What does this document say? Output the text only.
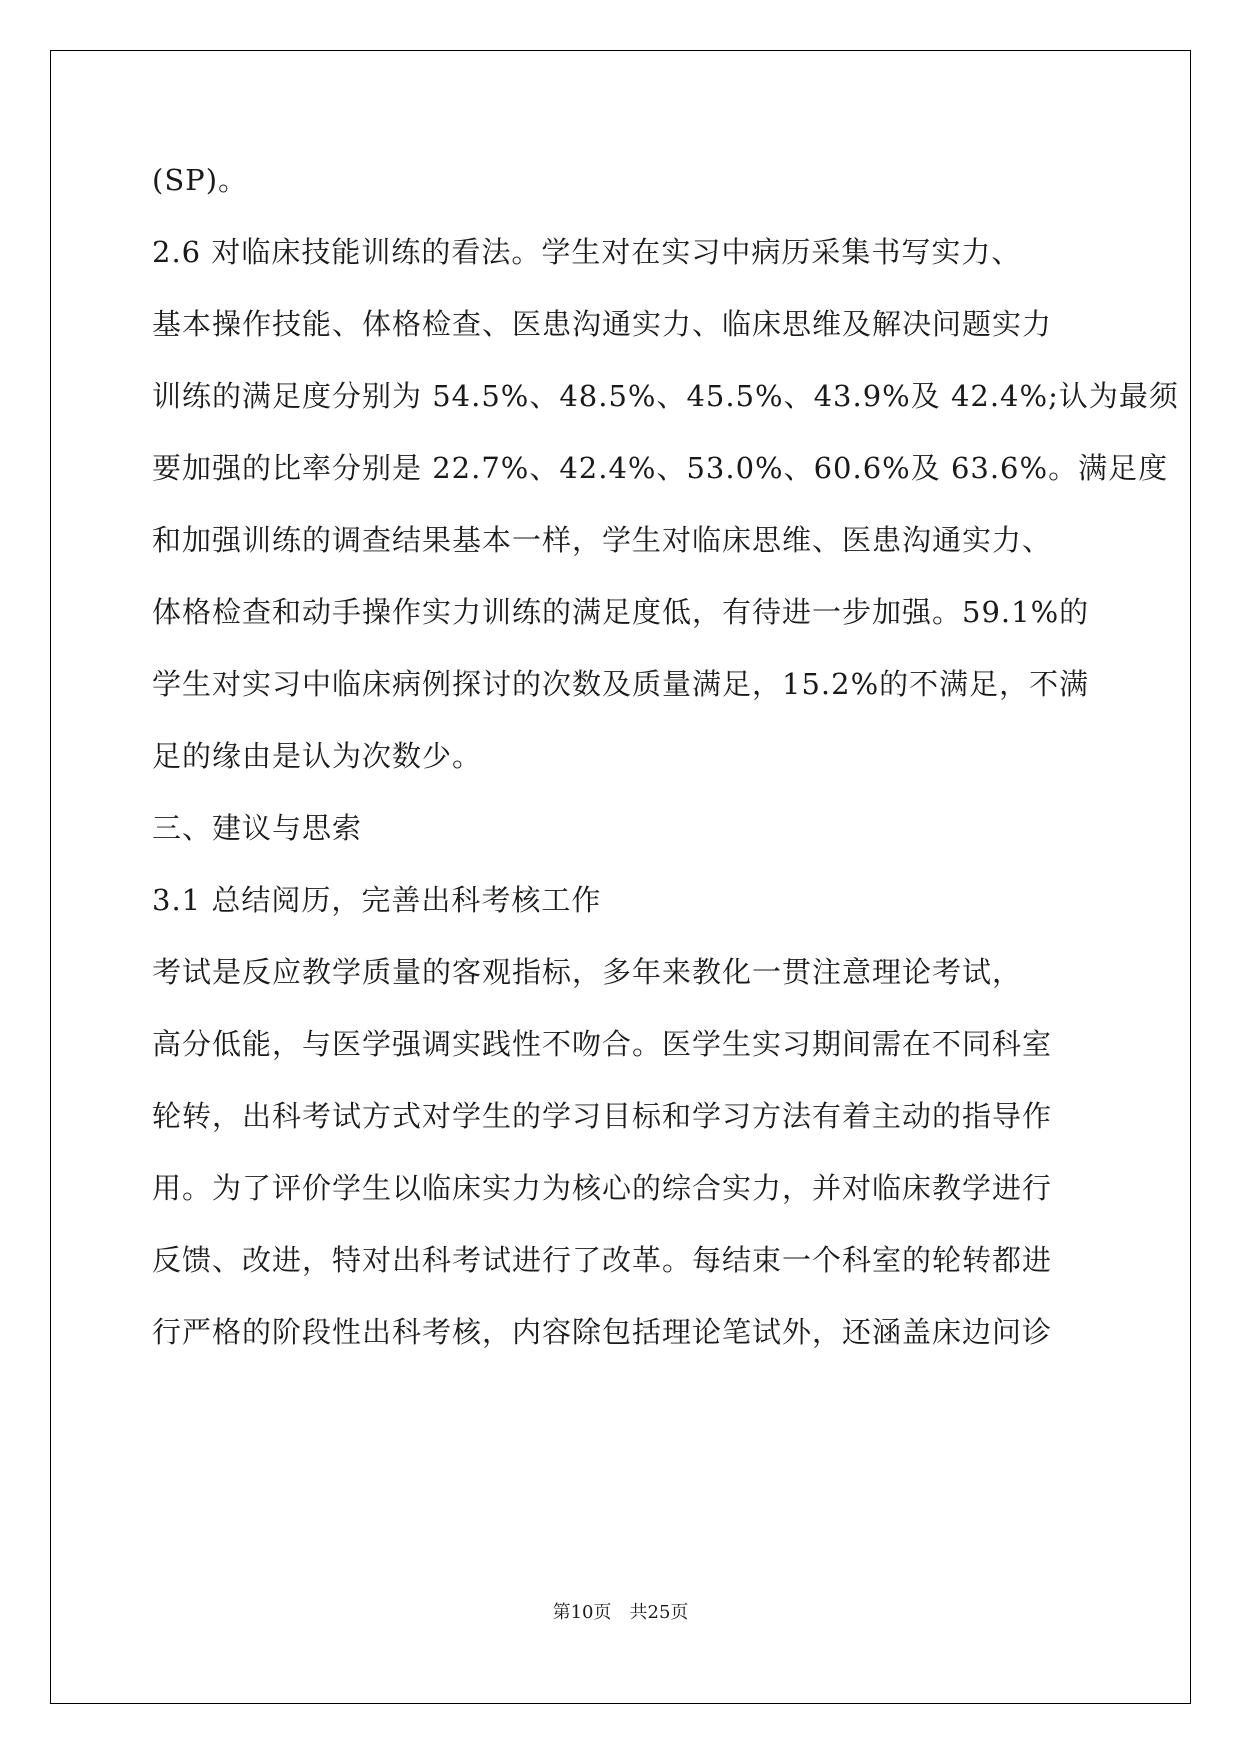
(SP)。
2.6 对临床技能训练的看法。学生对在实习中病历采集书写实力、
基本操作技能、体格检查、医患沟通实力、临床思维及解决问题实力
训练的满足度分别为 54.5%、48.5%、45.5%、43.9%及 42.4%;认为最须
要加强的比率分别是 22.7%、42.4%、53.0%、60.6%及 63.6%。满足度
和加强训练的调查结果基本一样，学生对临床思维、医患沟通实力、
体格检查和动手操作实力训练的满足度低，有待进一步加强。59.1%的
学生对实习中临床病例探讨的次数及质量满足，15.2%的不满足，不满
足的缘由是认为次数少。
三、建议与思索
3.1 总结阅历，完善出科考核工作
考试是反应教学质量的客观指标，多年来教化一贯注意理论考试，
高分低能，与医学强调实践性不吻合。医学生实习期间需在不同科室
轮转，出科考试方式对学生的学习目标和学习方法有着主动的指导作
用。为了评价学生以临床实力为核心的综合实力，并对临床教学进行
反馈、改进，特对出科考试进行了改革。每结束一个科室的轮转都进
行严格的阶段性出科考核，内容除包括理论笔试外，还涵盖床边问诊
第10页　共25页
